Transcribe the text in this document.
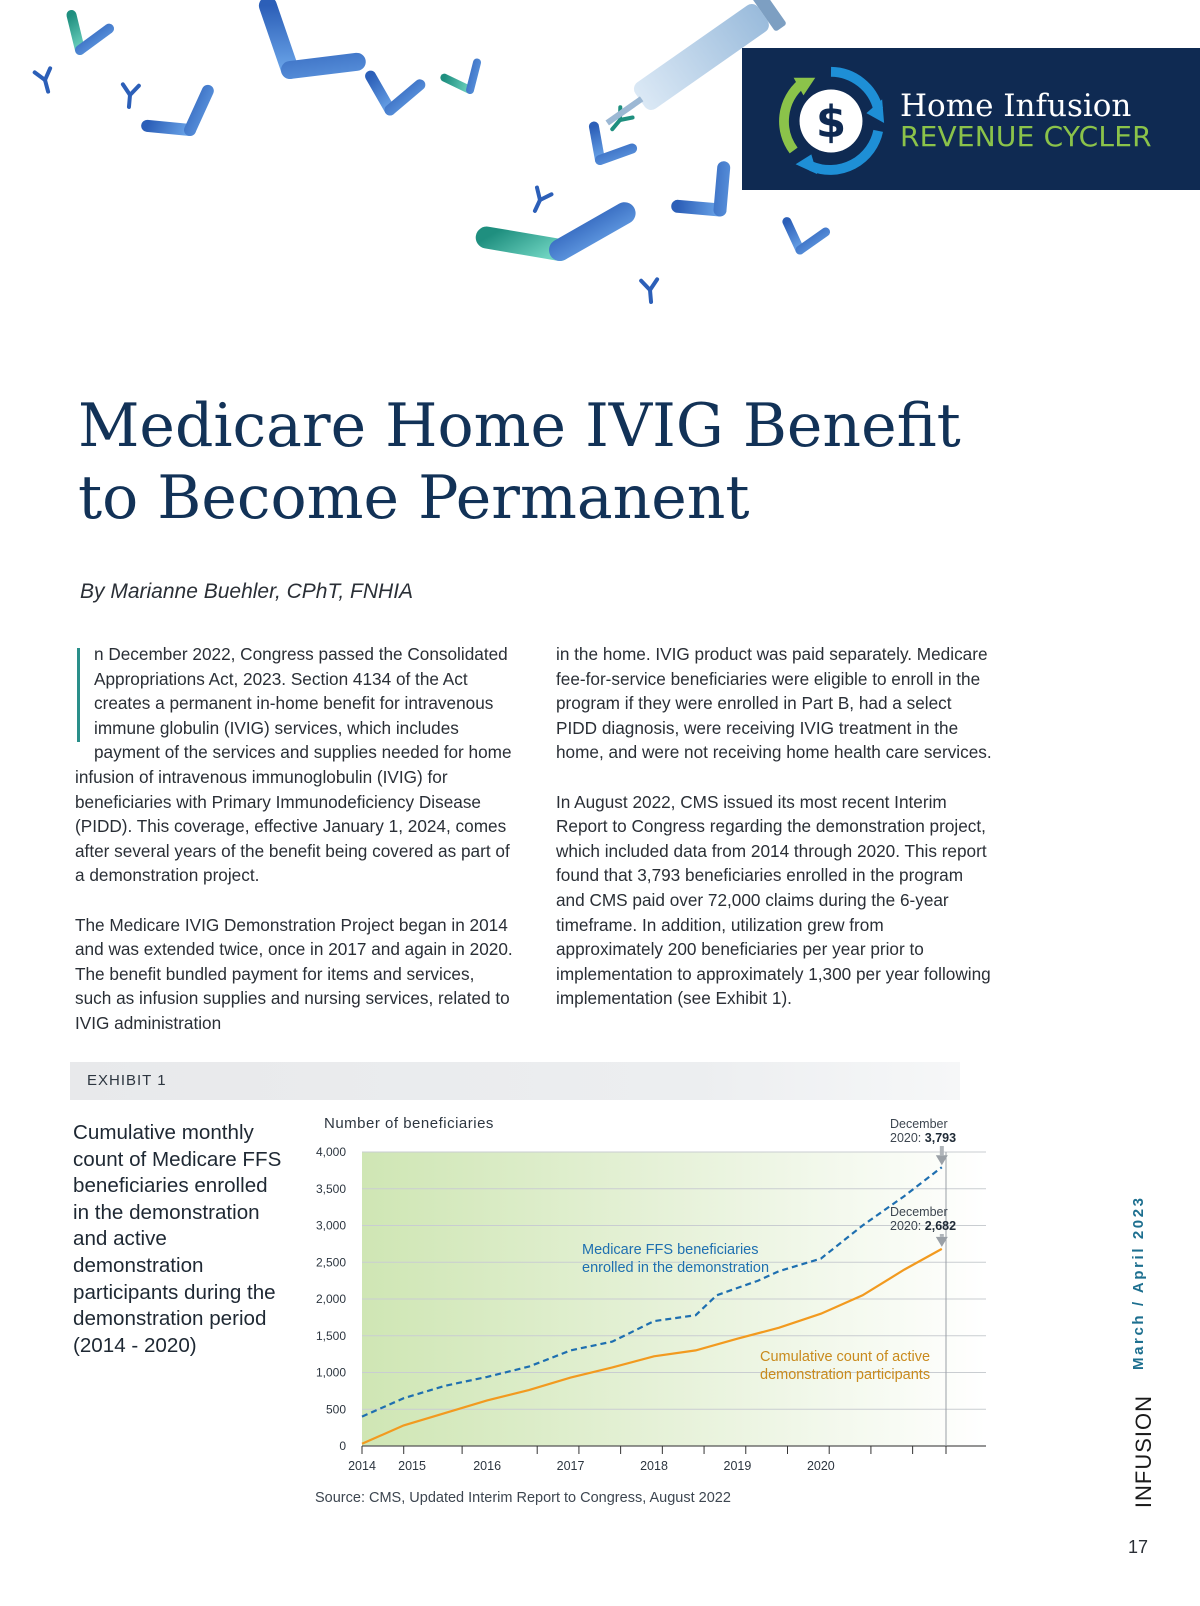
$ Home Infusion
REVENUE CYCLER
Medicare Home IVIG Benefit
to Become Permanent
By Marianne Buehler, CPhT, FNHIA

n December 2022, Congress passed the Consolidated Appropriations Act, 2023. Section 4134 of the Act creates a permanent in-home benefit for intravenous immune globulin (IVIG) services, which includes payment of the services and supplies needed for home infusion of intravenous immunoglobulin (IVIG) for beneficiaries with Primary Immunodeficiency Disease (PIDD). This coverage, effective January 1, 2024, comes after several years of the benefit being covered as part of a demonstration project.

The Medicare IVIG Demonstration Project began in 2014 and was extended twice, once in 2017 and again in 2020. The benefit bundled payment for items and services, such as infusion supplies and nursing services, related to IVIG administration

in the home. IVIG product was paid separately. Medicare fee-for-service beneficiaries were eligible to enroll in the program if they were enrolled in Part B, had a select PIDD diagnosis, were receiving IVIG treatment in the home, and were not receiving home health care services.

In August 2022, CMS issued its most recent Interim Report to Congress regarding the demonstration project, which included data from 2014 through 2020. This report found that 3,793 beneficiaries enrolled in the program and CMS paid over 72,000 claims during the 6-year timeframe. In addition, utilization grew from approximately 200 beneficiaries per year prior to implementation to approximately 1,300 per year following implementation (see Exhibit 1).

EXHIBIT 1
Cumulative monthly count of Medicare FFS beneficiaries enrolled in the demonstration and active demonstration participants during the demonstration period (2014 - 2020)
0
500
1,000
1,500
2,000
2,500
3,000
3,500
4,000
2014 2015	2016	2017	2018	2019	2020
Number of beneficiaries
Medicare FFS beneficiaries enrolled in the demonstration
Cumulative count of active demonstration participants
December 2020: 3,793
December 2020: 2,682
Source: CMS, Updated Interim Report to Congress, August 2022
March / April 2023
INFUSION
17
